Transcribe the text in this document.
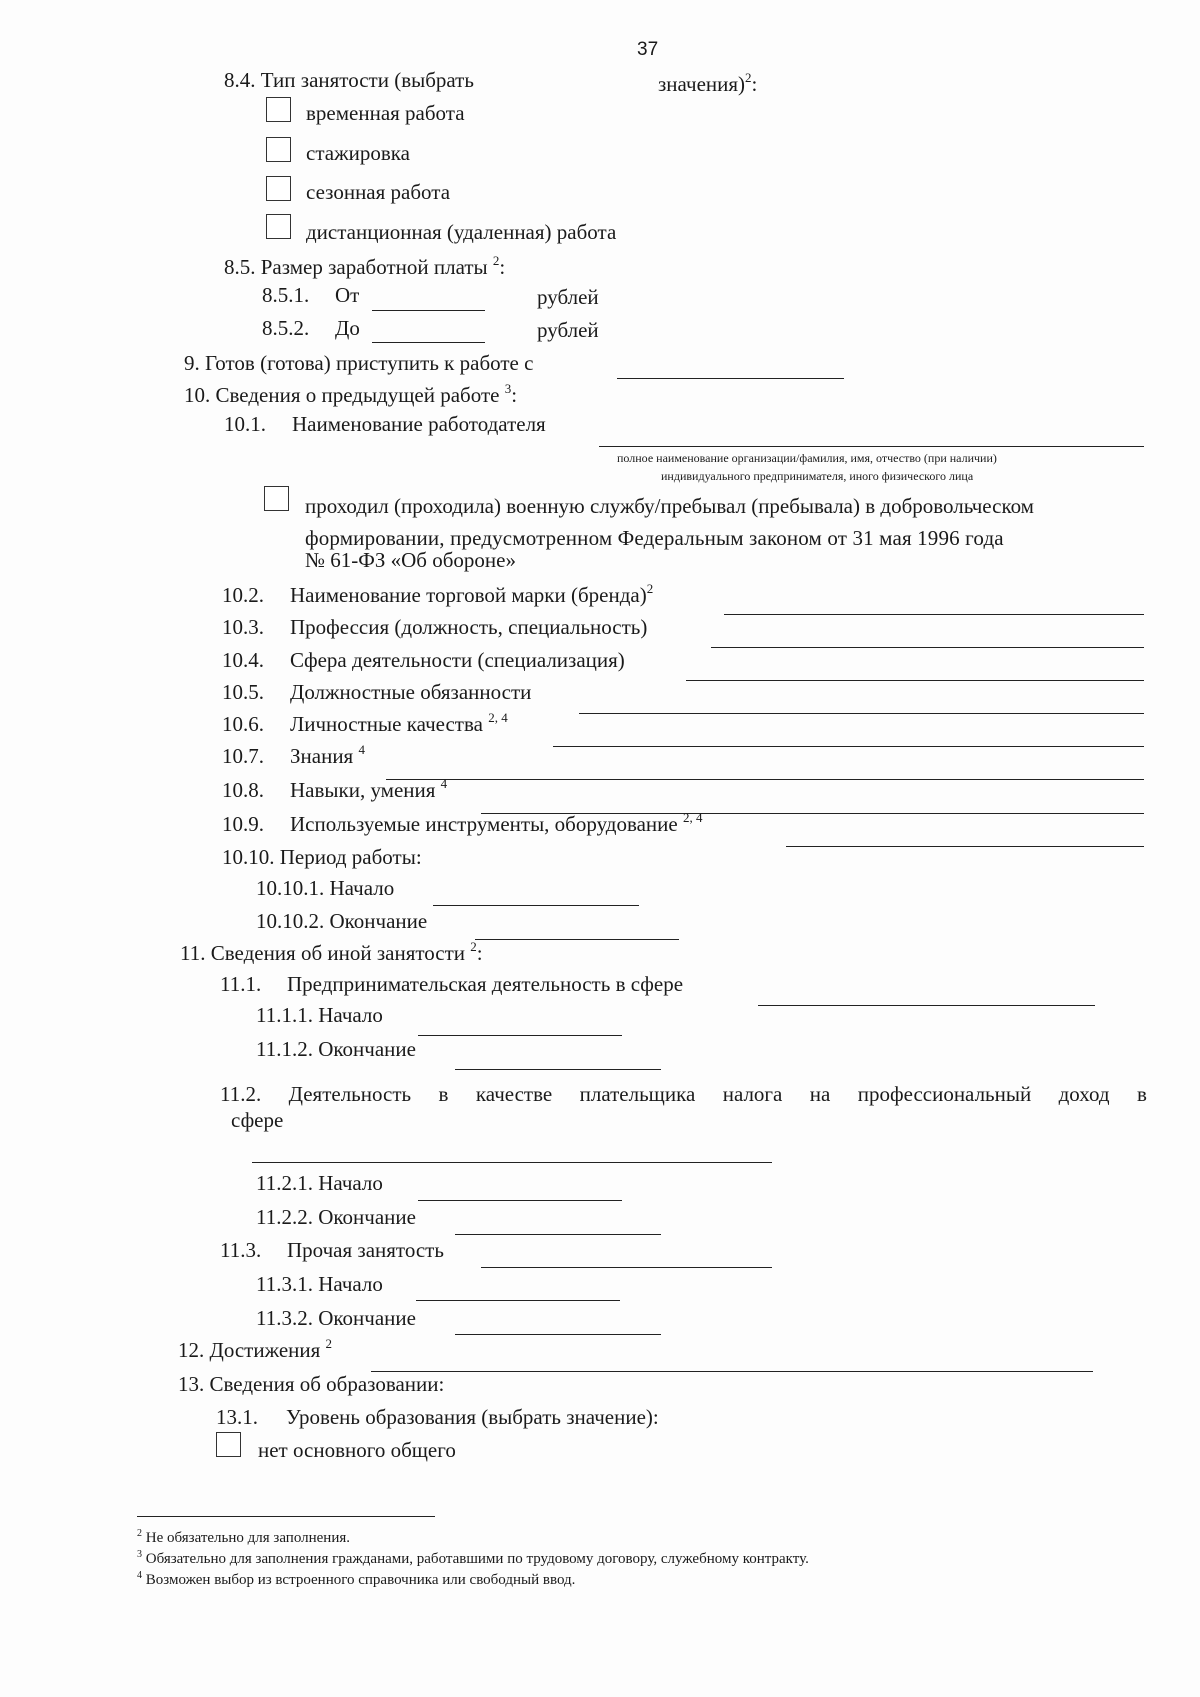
37
8.4. Тип занятости (выбрать	значения)$^2$:
временная работа
стажировка
сезонная работа
дистанционная (удаленная) работа
8.5. Размер заработной платы $^2$:
8.5.1. От	рублей
8.5.2. До	рублей
9. Готов (готова) приступить к работе с
10. Сведения о предыдущей работе $^3$:
10.1. Наименование работодателя
полное наименование организации/фамилия, имя, отчество (при наличии)
индивидуального предпринимателя, иного физического лица
проходил (проходила) военную службу/пребывал (пребывала) в добровольческом
формировании, предусмотренном Федеральным законом от 31 мая 1996 года
№ 61-ФЗ «Об обороне»
10.2. Наименование торговой марки (бренда)$^2$
10.3. Профессия (должность, специальность)
10.4. Сфера деятельности (специализация)
10.5. Должностные обязанности
10.6. Личностные качества $^{2, 4}$
10.7. Знания $^4$
10.8. Навыки, умения $^4$
10.9. Используемые инструменты, оборудование $^{2, 4}$
10.10. Период работы:
10.10.1. Начало
10.10.2. Окончание
11. Сведения об иной занятости $^2$:
11.1. Предпринимательская деятельность в сфере
11.1.1. Начало
11.1.2. Окончание
11.2. Деятельность в качестве плательщика налога на профессиональный доход в
сфере
11.2.1. Начало
11.2.2. Окончание
11.3. Прочая занятость
11.3.1. Начало
11.3.2. Окончание
12. Достижения $^2$
13. Сведения об образовании:
13.1. Уровень образования (выбрать значение):
нет основного общего
$^2$ Не обязательно для заполнения.
$^3$ Обязательно для заполнения гражданами, работавшими по трудовому договору, служебному контракту.
$^4$ Возможен выбор из встроенного справочника или свободный ввод.
